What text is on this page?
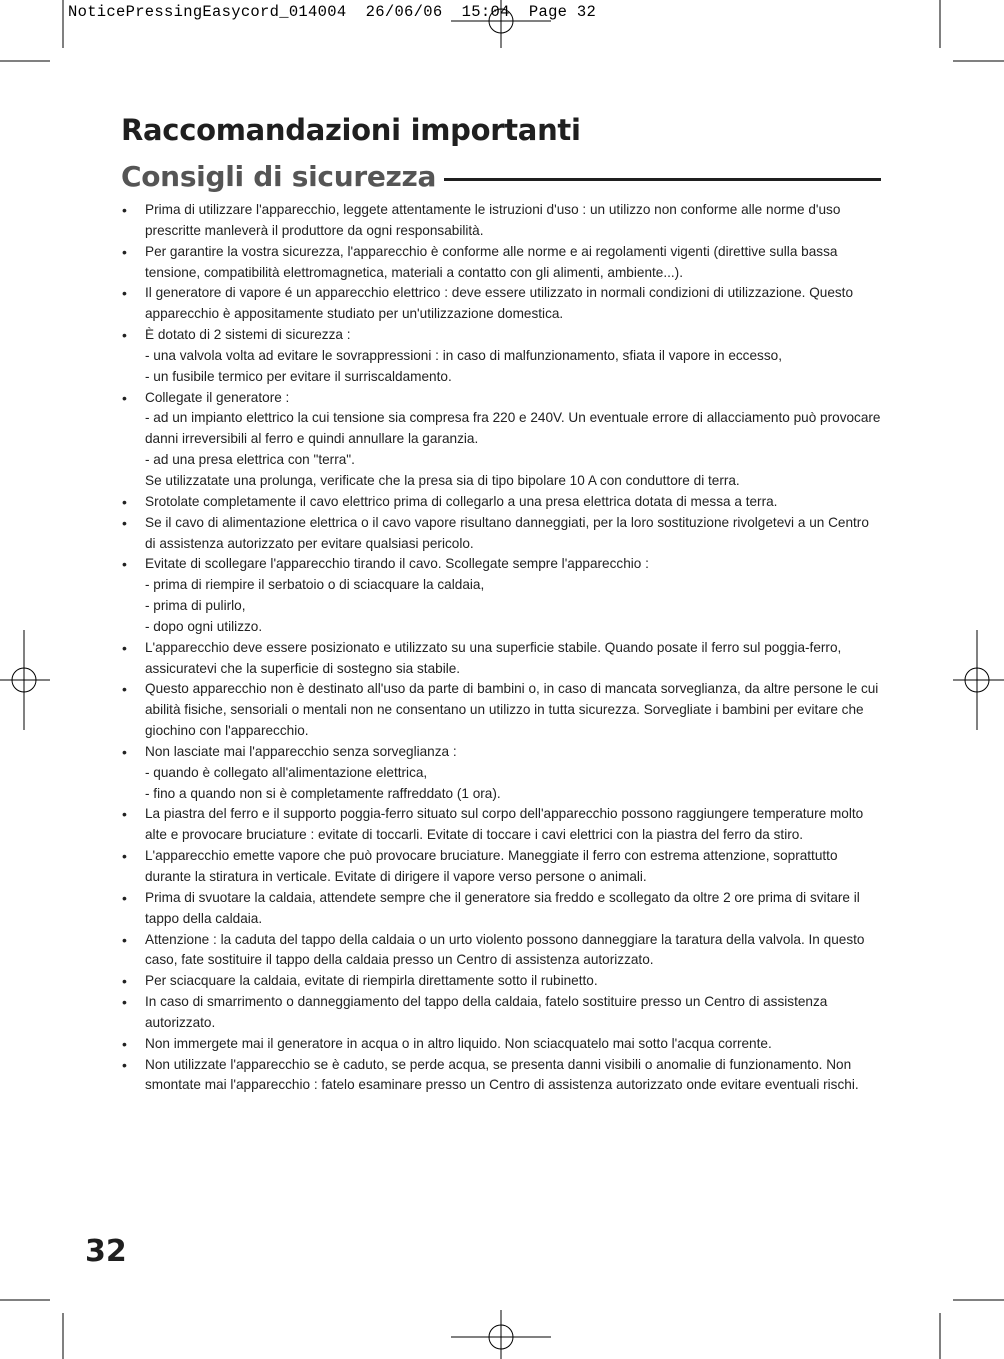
NoticePressingEasycord_014004  26/06/06  15:04  Page 32
Raccomandazioni importanti
Consigli di sicurezza
• Prima di utilizzare l'apparecchio, leggete attentamente le istruzioni d'uso : un utilizzo non conforme alle norme d'uso prescritte manleverà il produttore da ogni responsabilità.
• Per garantire la vostra sicurezza, l'apparecchio è conforme alle norme e ai regolamenti vigenti (direttive sulla bassa tensione, compatibilità elettromagnetica, materiali a contatto con gli alimenti, ambiente...).
• Il generatore di vapore é un apparecchio elettrico : deve essere utilizzato in normali condizioni di utilizzazione. Questo apparecchio è appositamente studiato per un'utilizzazione domestica.
• È dotato di 2 sistemi di sicurezza :
- una valvola volta ad evitare le sovrappressioni : in caso di malfunzionamento, sfiata il vapore in eccesso,
- un fusibile termico per evitare il surriscaldamento.
• Collegate il generatore :
- ad un impianto elettrico la cui tensione sia compresa fra 220 e 240V. Un eventuale errore di allacciamento può provocare danni irreversibili al ferro e quindi annullare la garanzia.
- ad una presa elettrica con "terra".
Se utilizzatate una prolunga, verificate che la presa sia di tipo bipolare 10 A con conduttore di terra.
• Srotolate completamente il cavo elettrico prima di collegarlo a una presa elettrica dotata di messa a terra.
• Se il cavo di alimentazione elettrica o il cavo vapore risultano danneggiati, per la loro sostituzione rivolgetevi a un Centro di assistenza autorizzato per evitare qualsiasi pericolo.
• Evitate di scollegare l'apparecchio tirando il cavo. Scollegate sempre l'apparecchio :
- prima di riempire il serbatoio o di sciacquare la caldaia,
- prima di pulirlo,
- dopo ogni utilizzo.
• L'apparecchio deve essere posizionato e utilizzato su una superficie stabile. Quando posate il ferro sul poggia-ferro, assicuratevi che la superficie di sostegno sia stabile.
• Questo apparecchio non è destinato all'uso da parte di bambini o, in caso di mancata sorveglianza, da altre persone le cui abilità fisiche, sensoriali o mentali non ne consentano un utilizzo in tutta sicurezza. Sorvegliate i bambini per evitare che giochino con l'apparecchio.
• Non lasciate mai l'apparecchio senza sorveglianza :
- quando è collegato all'alimentazione elettrica,
- fino a quando non si è completamente raffreddato (1 ora).
• La piastra del ferro e il supporto poggia-ferro situato sul corpo dell'apparecchio possono raggiungere temperature molto alte e provocare bruciature : evitate di toccarli. Evitate di toccare i cavi elettrici con la piastra del ferro da stiro.
• L'apparecchio emette vapore che può provocare bruciature. Maneggiate il ferro con estrema attenzione, soprattutto durante la stiratura in verticale. Evitate di dirigere il vapore verso persone o animali.
• Prima di svuotare la caldaia, attendete sempre che il generatore sia freddo e scollegato da oltre 2 ore prima di svitare il tappo della caldaia.
• Attenzione : la caduta del tappo della caldaia o un urto violento possono danneggiare la taratura della valvola. In questo caso, fate sostituire il tappo della caldaia presso un Centro di assistenza autorizzato.
• Per sciacquare la caldaia, evitate di riempirla direttamente sotto il rubinetto.
• In caso di smarrimento o danneggiamento del tappo della caldaia, fatelo sostituire presso un Centro di assistenza autorizzato.
• Non immergete mai il generatore in acqua o in altro liquido. Non sciacquatelo mai sotto l'acqua corrente.
• Non utilizzate l'apparecchio se è caduto, se perde acqua, se presenta danni visibili o anomalie di funzionamento. Non smontate mai l'apparecchio : fatelo esaminare presso un Centro di assistenza autorizzato onde evitare eventuali rischi.
32
